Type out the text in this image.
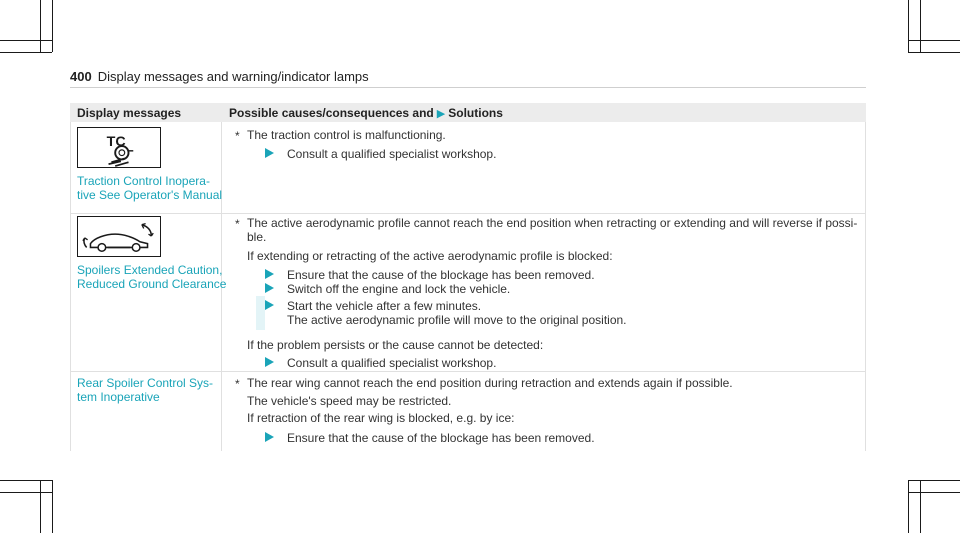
400 Display messages and warning/indicator lamps
Display messages	Possible causes/consequences and ▶ Solutions
TC
Traction Control Inopera-
tive See Operator's Manual
* The traction control is malfunctioning.
Consult a qualified specialist workshop.
Spoilers Extended Caution,
Reduced Ground Clearance
* The active aerodynamic profile cannot reach the end position when retracting or extending and will reverse if possi-
ble.
If extending or retracting of the active aerodynamic profile is blocked:
Ensure that the cause of the blockage has been removed.
Switch off the engine and lock the vehicle.
Start the vehicle after a few minutes.
The active aerodynamic profile will move to the original position.
If the problem persists or the cause cannot be detected:
Consult a qualified specialist workshop.
Rear Spoiler Control Sys-
tem Inoperative
* The rear wing cannot reach the end position during retraction and extends again if possible.
The vehicle's speed may be restricted.
If retraction of the rear wing is blocked, e.g. by ice:
Ensure that the cause of the blockage has been removed.
